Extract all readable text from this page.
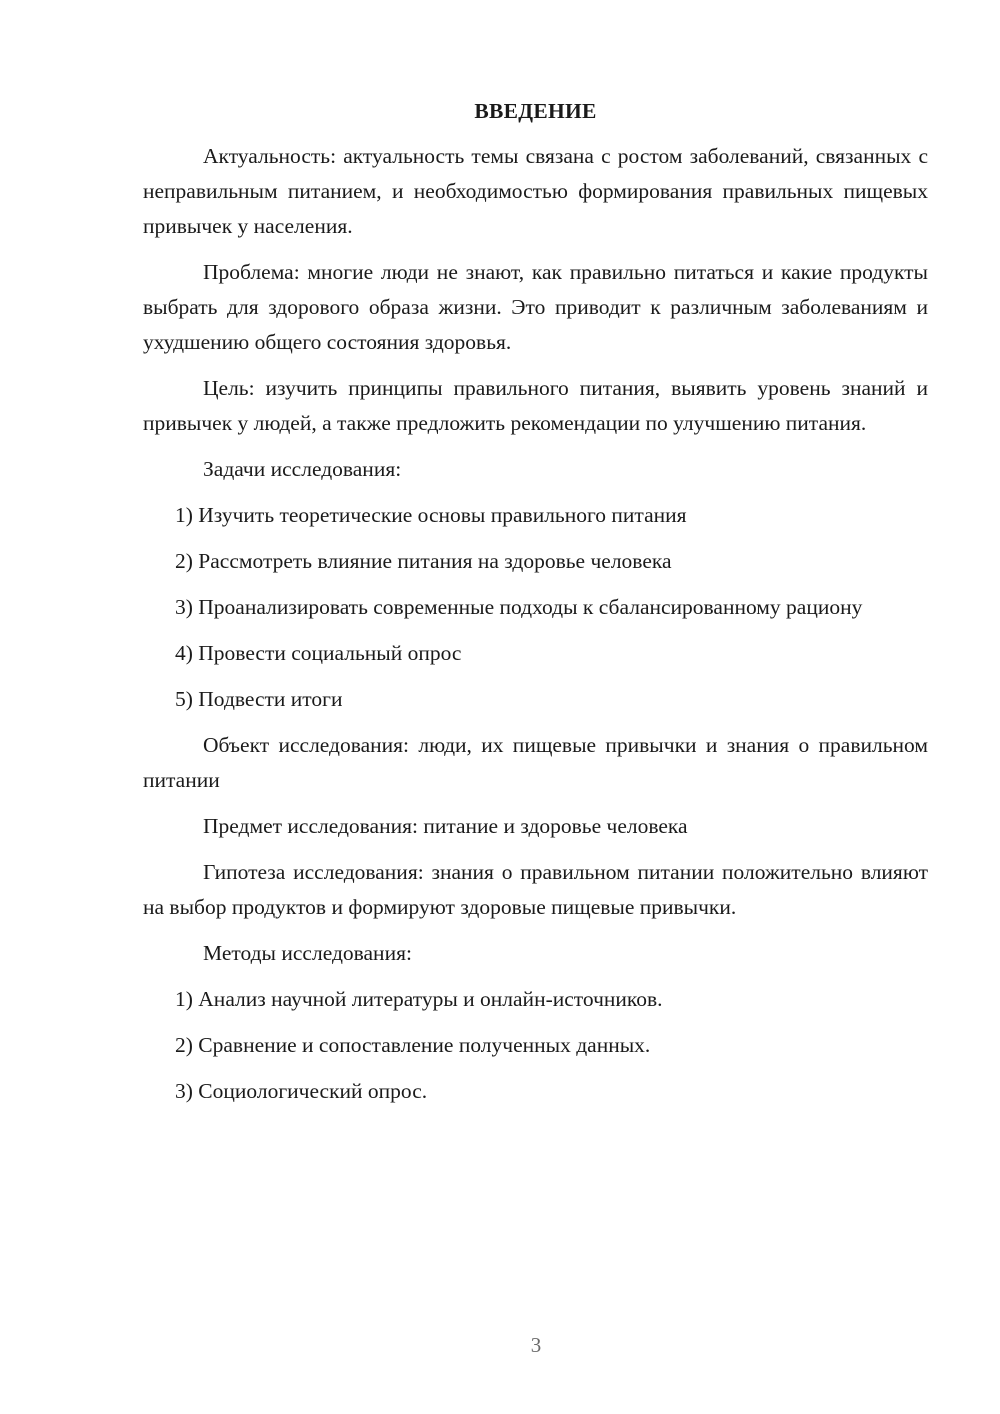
ВВЕДЕНИЕ

Актуальность: актуальность темы связана с ростом заболеваний, связанных с неправильным питанием, и необходимостью формирования правильных пищевых привычек у населения.

Проблема: многие люди не знают, как правильно питаться и какие продукты выбрать для здорового образа жизни. Это приводит к различным заболеваниям и ухудшению общего состояния здоровья.

Цель: изучить принципы правильного питания, выявить уровень знаний и привычек у людей, а также предложить рекомендации по улучшению питания.

Задачи исследования:

1) Изучить теоретические основы правильного питания

2) Рассмотреть влияние питания на здоровье человека

3) Проанализировать современные подходы к сбалансированному рациону

4) Провести социальный опрос

5) Подвести итоги

Объект исследования: люди, их пищевые привычки и знания о правильном питании

Предмет исследования: питание и здоровье человека

Гипотеза исследования: знания о правильном питании положительно влияют на выбор продуктов и формируют здоровые пищевые привычки.

Методы исследования:

1) Анализ научной литературы и онлайн-источников.

2) Сравнение и сопоставление полученных данных.

3) Социологический опрос.

3
